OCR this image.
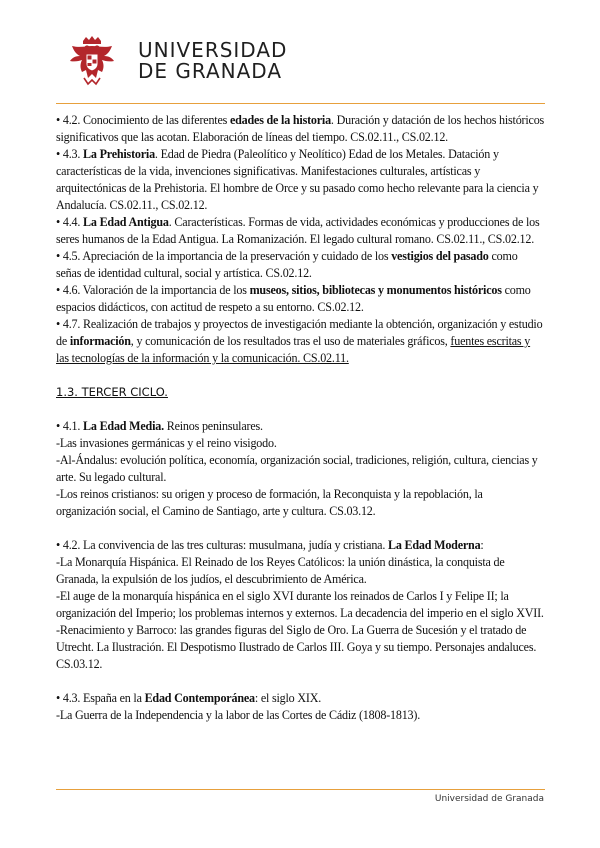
UNIVERSIDAD
DE GRANADA

• 4.2. Conocimiento de las diferentes edades de la historia. Duración y datación de los hechos históricos significativos que las acotan. Elaboración de líneas del tiempo. CS.02.11., CS.02.12.

• 4.3. La Prehistoria. Edad de Piedra (Paleolítico y Neolítico) Edad de los Metales. Datación y características de la vida, invenciones significativas. Manifestaciones culturales, artísticas y arquitectónicas de la Prehistoria. El hombre de Orce y su pasado como hecho relevante para la ciencia y Andalucía. CS.02.11., CS.02.12.

• 4.4. La Edad Antigua. Características. Formas de vida, actividades económicas y producciones de los seres humanos de la Edad Antigua. La Romanización. El legado cultural romano. CS.02.11., CS.02.12.

• 4.5. Apreciación de la importancia de la preservación y cuidado de los vestigios del pasado como señas de identidad cultural, social y artística. CS.02.12.

• 4.6. Valoración de la importancia de los museos, sitios, bibliotecas y monumentos históricos como espacios didácticos, con actitud de respeto a su entorno. CS.02.12.

• 4.7. Realización de trabajos y proyectos de investigación mediante la obtención, organización y estudio de información, y comunicación de los resultados tras el uso de materiales gráficos, fuentes escritas y las tecnologías de la información y la comunicación. CS.02.11.

1.3. TERCER CICLO.

• 4.1. La Edad Media. Reinos peninsulares.

-Las invasiones germánicas y el reino visigodo.

-Al-Ándalus: evolución política, economía, organización social, tradiciones, religión, cultura, ciencias y arte. Su legado cultural.

-Los reinos cristianos: su origen y proceso de formación, la Reconquista y la repoblación, la organización social, el Camino de Santiago, arte y cultura. CS.03.12.

• 4.2. La convivencia de las tres culturas: musulmana, judía y cristiana. La Edad Moderna:

-La Monarquía Hispánica. El Reinado de los Reyes Católicos: la unión dinástica, la conquista de Granada, la expulsión de los judíos, el descubrimiento de América.

-El auge de la monarquía hispánica en el siglo XVI durante los reinados de Carlos I y Felipe II; la organización del Imperio; los problemas internos y externos. La decadencia del imperio en el siglo XVII.

-Renacimiento y Barroco: las grandes figuras del Siglo de Oro. La Guerra de Sucesión y el tratado de Utrecht. La Ilustración. El Despotismo Ilustrado de Carlos III. Goya y su tiempo. Personajes andaluces. CS.03.12.

• 4.3. España en la Edad Contemporánea: el siglo XIX.

-La Guerra de la Independencia y la labor de las Cortes de Cádiz (1808-1813).

Universidad de Granada
